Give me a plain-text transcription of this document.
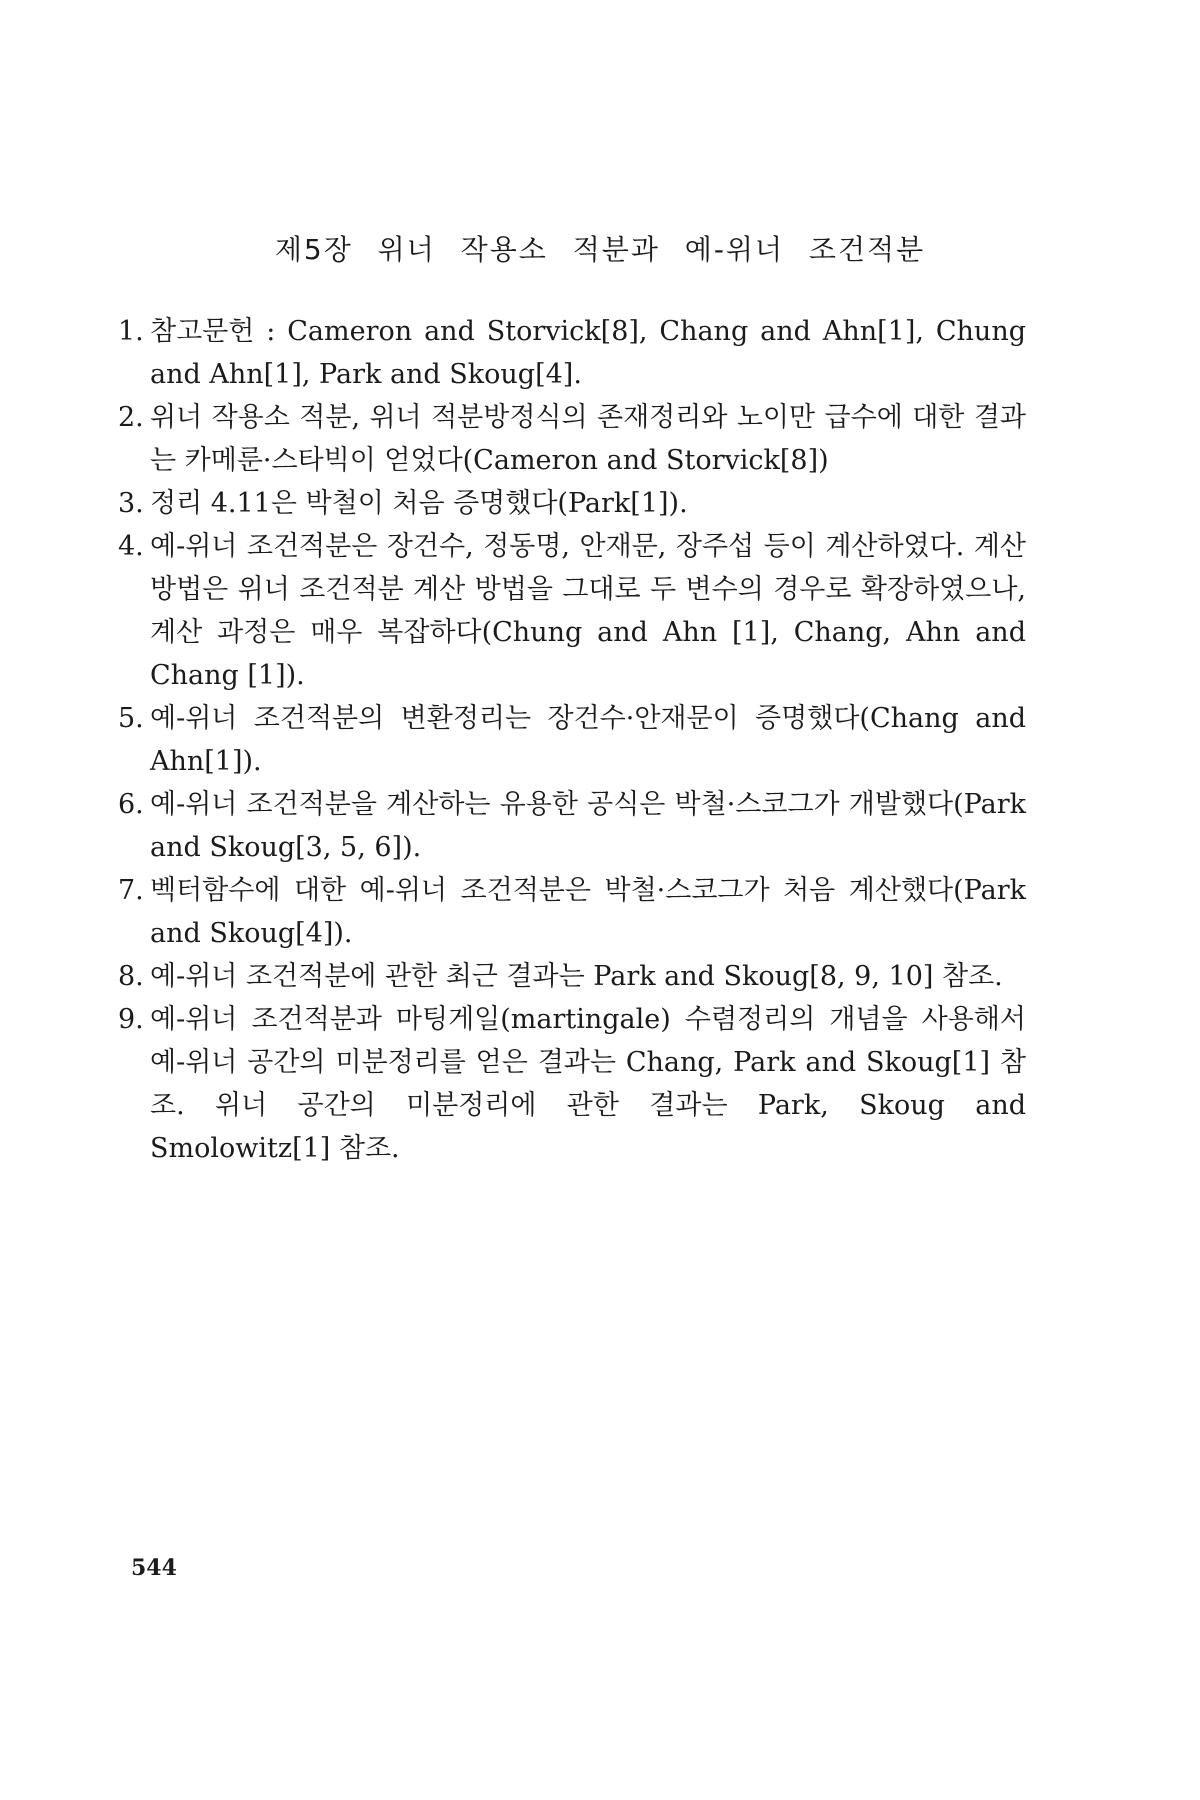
제5장 위너 작용소 적분과 예-위너 조건적분
1. 참고문헌 : Cameron and Storvick[8], Chang and Ahn[1], Chung and Ahn[1], Park and Skoug[4].
2. 위너 작용소 적분, 위너 적분방정식의 존재정리와 노이만 급수에 대한 결과는 카메룬·스타빅이 얻었다(Cameron and Storvick[8])
3. 정리 4.11은 박철이 처음 증명했다(Park[1]).
4. 예-위너 조건적분은 장건수, 정동명, 안재문, 장주섭 등이 계산하였다. 계산 방법은 위너 조건적분 계산 방법을 그대로 두 변수의 경우로 확장하였으나, 계산 과정은 매우 복잡하다(Chung and Ahn [1], Chang, Ahn and Chang [1]).
5. 예-위너 조건적분의 변환정리는 장건수·안재문이 증명했다(Chang and Ahn[1]).
6. 예-위너 조건적분을 계산하는 유용한 공식은 박철·스코그가 개발했다(Park and Skoug[3, 5, 6]).
7. 벡터함수에 대한 예-위너 조건적분은 박철·스코그가 처음 계산했다(Park and Skoug[4]).
8. 예-위너 조건적분에 관한 최근 결과는 Park and Skoug[8, 9, 10] 참조.
9. 예-위너 조건적분과 마팅게일(martingale) 수렴정리의 개념을 사용해서 예-위너 공간의 미분정리를 얻은 결과는 Chang, Park and Skoug[1] 참조. 위너 공간의 미분정리에 관한 결과는 Park, Skoug and Smolowitz[1] 참조.
544
